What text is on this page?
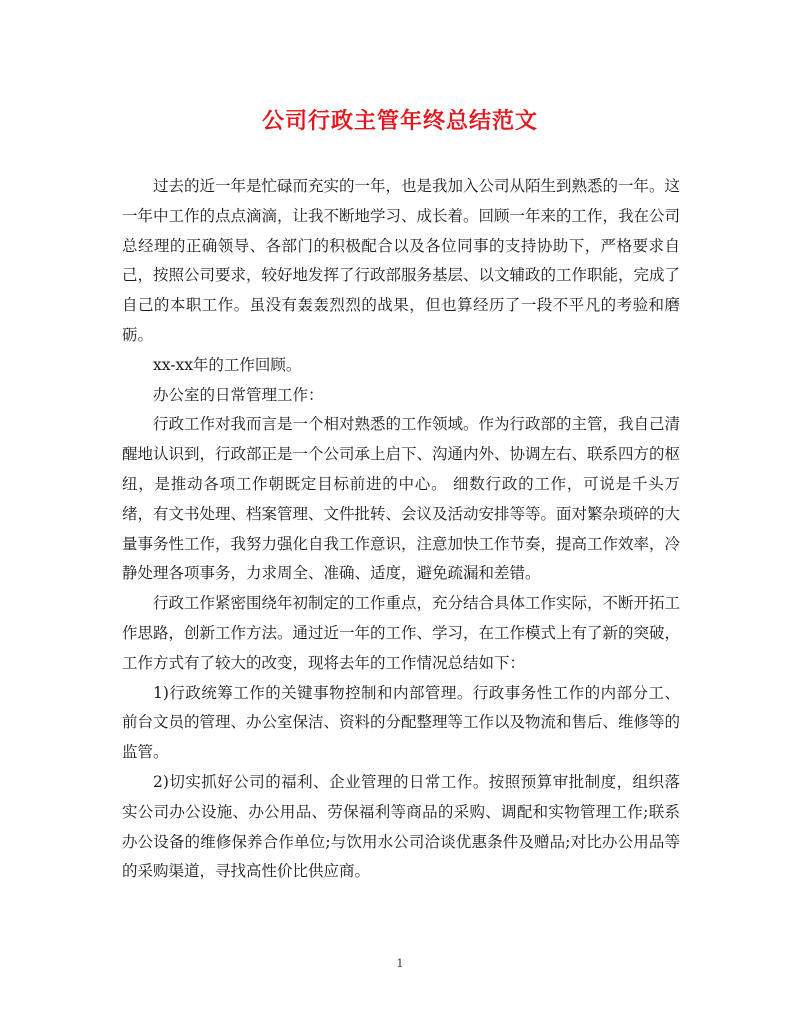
公司行政主管年终总结范文

过去的近一年是忙碌而充实的一年，也是我加入公司从陌生到熟悉的一年。这一年中工作的点点滴滴，让我不断地学习、成长着。回顾一年来的工作，我在公司总经理的正确领导、各部门的积极配合以及各位同事的支持协助下，严格要求自己，按照公司要求，较好地发挥了行政部服务基层、以文辅政的工作职能，完成了自己的本职工作。虽没有轰轰烈烈的战果，但也算经历了一段不平凡的考验和磨砺。

xx-xx年的工作回顾。

办公室的日常管理工作：

行政工作对我而言是一个相对熟悉的工作领域。作为行政部的主管，我自己清醒地认识到，行政部正是一个公司承上启下、沟通内外、协调左右、联系四方的枢纽，是推动各项工作朝既定目标前进的中心。 细数行政的工作，可说是千头万绪，有文书处理、档案管理、文件批转、会议及活动安排等等。面对繁杂琐碎的大量事务性工作，我努力强化自我工作意识，注意加快工作节奏，提高工作效率，冷静处理各项事务，力求周全、准确、适度，避免疏漏和差错。

行政工作紧密围绕年初制定的工作重点，充分结合具体工作实际，不断开拓工作思路，创新工作方法。通过近一年的工作、学习，在工作模式上有了新的突破，工作方式有了较大的改变，现将去年的工作情况总结如下：

1)行政统筹工作的关键事物控制和内部管理。行政事务性工作的内部分工、前台文员的管理、办公室保洁、资料的分配整理等工作以及物流和售后、维修等的监管。

2)切实抓好公司的福利、企业管理的日常工作。按照预算审批制度，组织落实公司办公设施、办公用品、劳保福利等商品的采购、调配和实物管理工作;联系办公设备的维修保养合作单位;与饮用水公司洽谈优惠条件及赠品;对比办公用品等的采购渠道，寻找高性价比供应商。

1
